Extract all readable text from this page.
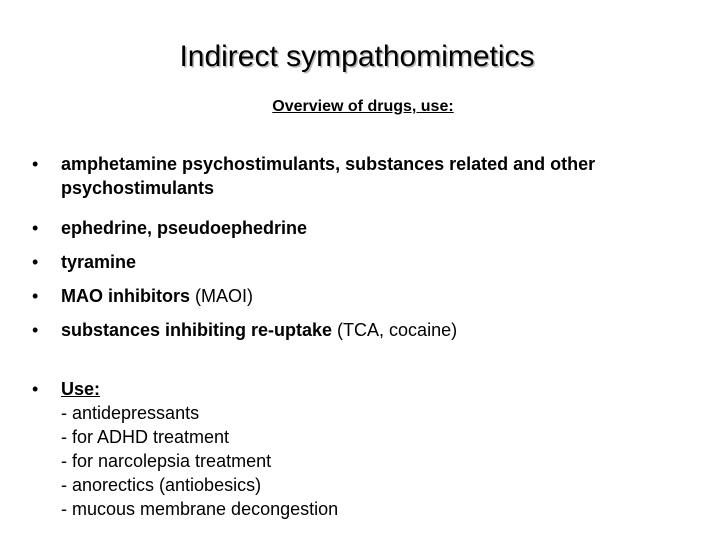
Indirect sympathomimetics
Overview of drugs, use:
• amphetamine psychostimulants, substances related and other psychostimulants
• ephedrine, pseudoephedrine
• tyramine
• MAO inhibitors (MAOI)
• substances inhibiting re-uptake (TCA, cocaine)
• Use:
- antidepressants
- for ADHD treatment
- for narcolepsia treatment
- anorectics (antiobesics)
- mucous membrane decongestion
